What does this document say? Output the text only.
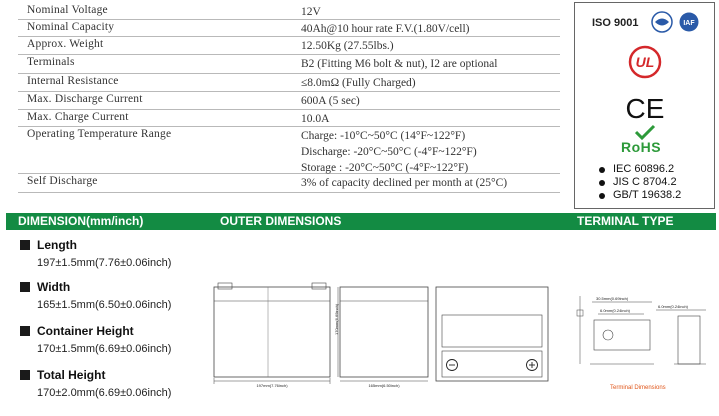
Nominal Voltage	12V
Nominal Capacity	40Ah@10 hour rate F.V.(1.80V/cell)
Approx. Weight	12.50Kg (27.55lbs.)
Terminals	B2 (Fitting M6 bolt & nut), I2 are optional
Internal Resistance	≤8.0mΩ (Fully Charged)
Max. Discharge Current	600A (5 sec)
Max. Charge Current	10.0A
Operating Temperature Range	Charge: -10°C~50°C (14°F~122°F)
Discharge: -20°C~50°C (-4°F~122°F)
Storage : -20°C~50°C (-4°F~122°F)
Self Discharge	3% of capacity declined per month at (25°C)
ISO 9001	IAF
UL
CE
RoHS
IEC 60896.2
JIS C 8704.2
GB/T 19638.2
DIMENSION(mm/inch)	OUTER DIMENSIONS	TERMINAL TYPE
Length
197±1.5mm(7.76±0.06inch)
Width
165±1.5mm(6.50±0.06inch)
Container Height
170±1.5mm(6.69±0.06inch)
Total Height
170±2.0mm(6.69±0.06inch)
197mm(7.76inch)
170mm(6.69inch)
165mm(6.50inch)
30.5mm(0.69inch)
6.0mm(0.24inch)
6.0mm(0.24inch)
Terminal Dimensions
